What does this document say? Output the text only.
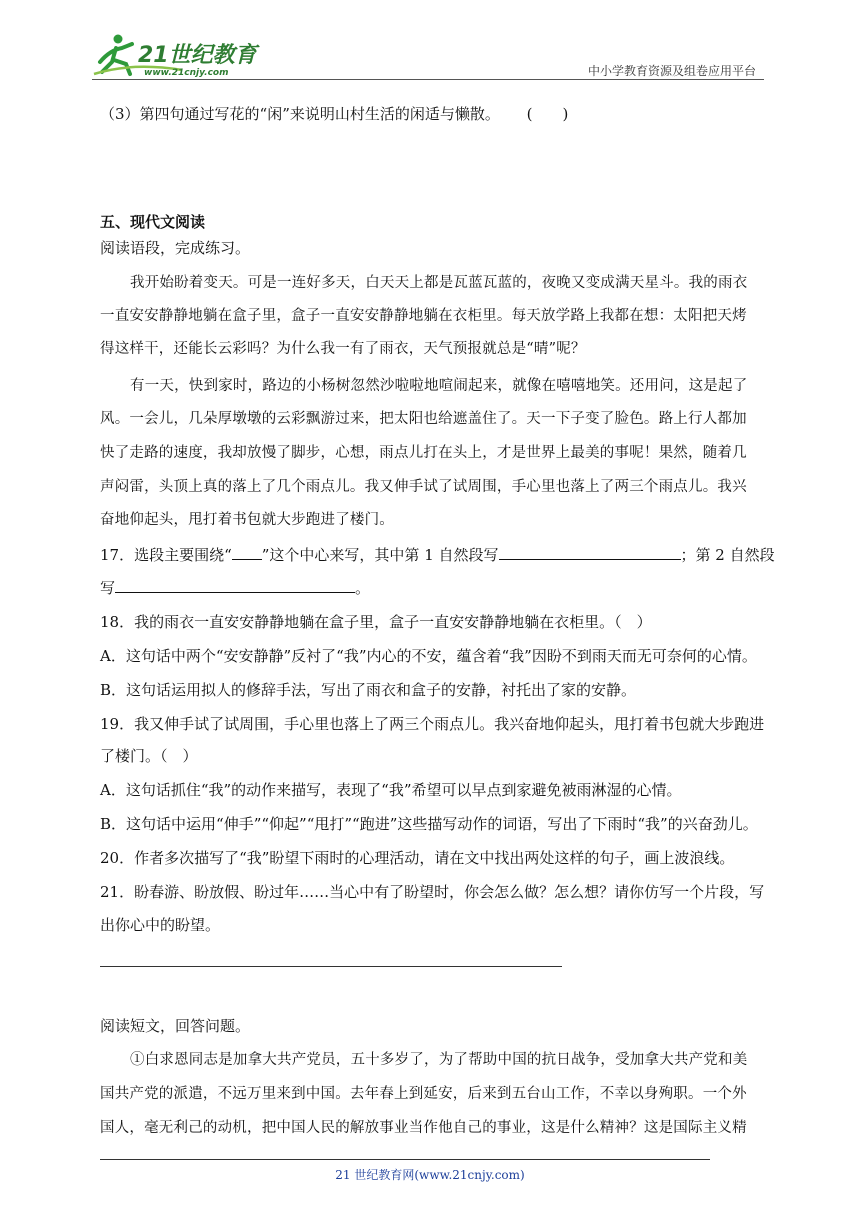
21世纪教育
www.21cnjy.com	中小学教育资源及组卷应用平台
（3）第四句通过写花的“闲”来说明山村生活的闲适与懒散。 (　　)
五、现代文阅读
阅读语段，完成练习。
我开始盼着变天。可是一连好多天，白天天上都是瓦蓝瓦蓝的，夜晚又变成满天星斗。我的雨衣
一直安安静静地躺在盒子里，盒子一直安安静静地躺在衣柜里。每天放学路上我都在想：太阳把天烤
得这样干，还能长云彩吗？为什么我一有了雨衣，天气预报就总是“晴”呢？
有一天，快到家时，路边的小杨树忽然沙啦啦地喧闹起来，就像在嘻嘻地笑。还用问，这是起了
风。一会儿，几朵厚墩墩的云彩飘游过来，把太阳也给遮盖住了。天一下子变了脸色。路上行人都加
快了走路的速度，我却放慢了脚步，心想，雨点儿打在头上，才是世界上最美的事呢！果然，随着几
声闷雷，头顶上真的落上了几个雨点儿。我又伸手试了试周围，手心里也落上了两三个雨点儿。我兴
奋地仰起头，甩打着书包就大步跑进了楼门。
17．选段主要围绕“ ”这个中心来写，其中第 1 自然段写	；第 2 自然段
写	。
18．我的雨衣一直安安静静地躺在盒子里，盒子一直安安静静地躺在衣柜里。（　）
A．这句话中两个“安安静静”反衬了“我”内心的不安，蕴含着“我”因盼不到雨天而无可奈何的心情。
B．这句话运用拟人的修辞手法，写出了雨衣和盒子的安静，衬托出了家的安静。
19．我又伸手试了试周围，手心里也落上了两三个雨点儿。我兴奋地仰起头，甩打着书包就大步跑进
了楼门。（　）
A．这句话抓住“我”的动作来描写，表现了“我”希望可以早点到家避免被雨淋湿的心情。
B．这句话中运用“伸手”“仰起”“甩打”“跑进”这些描写动作的词语，写出了下雨时“我”的兴奋劲儿。
20．作者多次描写了“我”盼望下雨时的心理活动，请在文中找出两处这样的句子，画上波浪线。
21．盼春游、盼放假、盼过年……当心中有了盼望时，你会怎么做？怎么想？请你仿写一个片段，写
出你心中的盼望。
阅读短文，回答问题。
①白求恩同志是加拿大共产党员，五十多岁了，为了帮助中国的抗日战争，受加拿大共产党和美
国共产党的派遣，不远万里来到中国。去年春上到延安，后来到五台山工作，不幸以身殉职。一个外
国人，毫无利己的动机，把中国人民的解放事业当作他自己的事业，这是什么精神？这是国际主义精
21 世纪教育网(www.21cnjy.com)
